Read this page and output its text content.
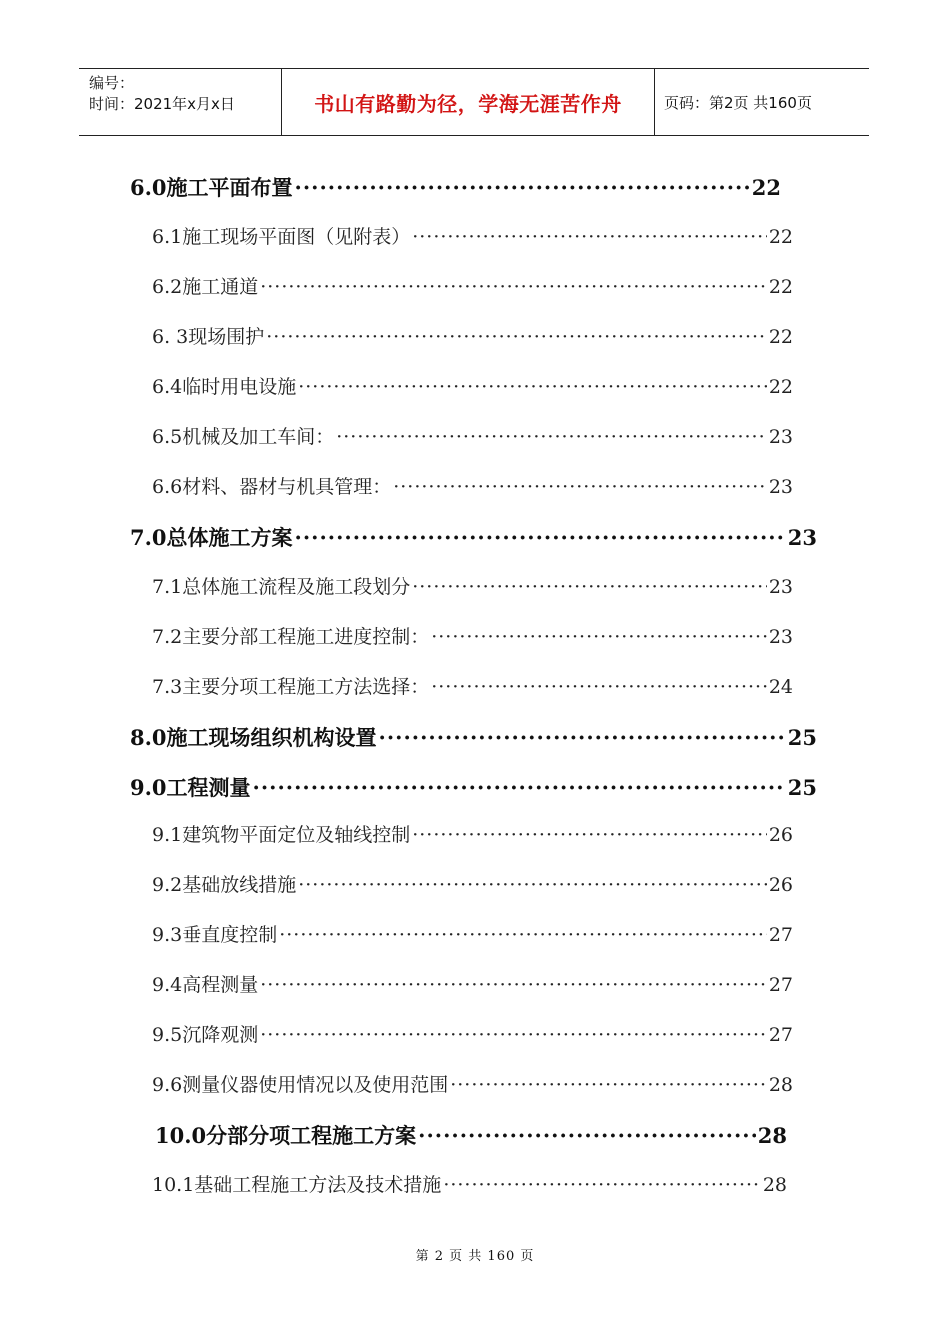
编号：
时间：2021年x月x日	书山有路勤为径，学海无涯苦作舟	页码：第2页 共160页
6.0施工平面布置 ·····	22
6.1施工现场平面图（见附表） ·····	22
6.2施工通道 ·····	22
6. 3现场围护 ·····	22
6.4临时用电设施 ·····	22
6.5机械及加工车间： ·····	23
6.6材料、器材与机具管理： ·····	23
7.0总体施工方案 ·····	23
7.1总体施工流程及施工段划分 ·····	23
7.2主要分部工程施工进度控制： ·····	23
7.3主要分项工程施工方法选择： ·····	24
8.0施工现场组织机构设置 ·····	25
9.0工程测量 ·····	25
9.1建筑物平面定位及轴线控制 ·····	26
9.2基础放线措施 ·····	26
9.3垂直度控制 ·····	27
9.4高程测量 ·····	27
9.5沉降观测 ·····	27
9.6测量仪器使用情况以及使用范围 ·····	28
10.0分部分项工程施工方案 ·····	28
10.1基础工程施工方法及技术措施 ·····	28
第 2 页 共 160 页
